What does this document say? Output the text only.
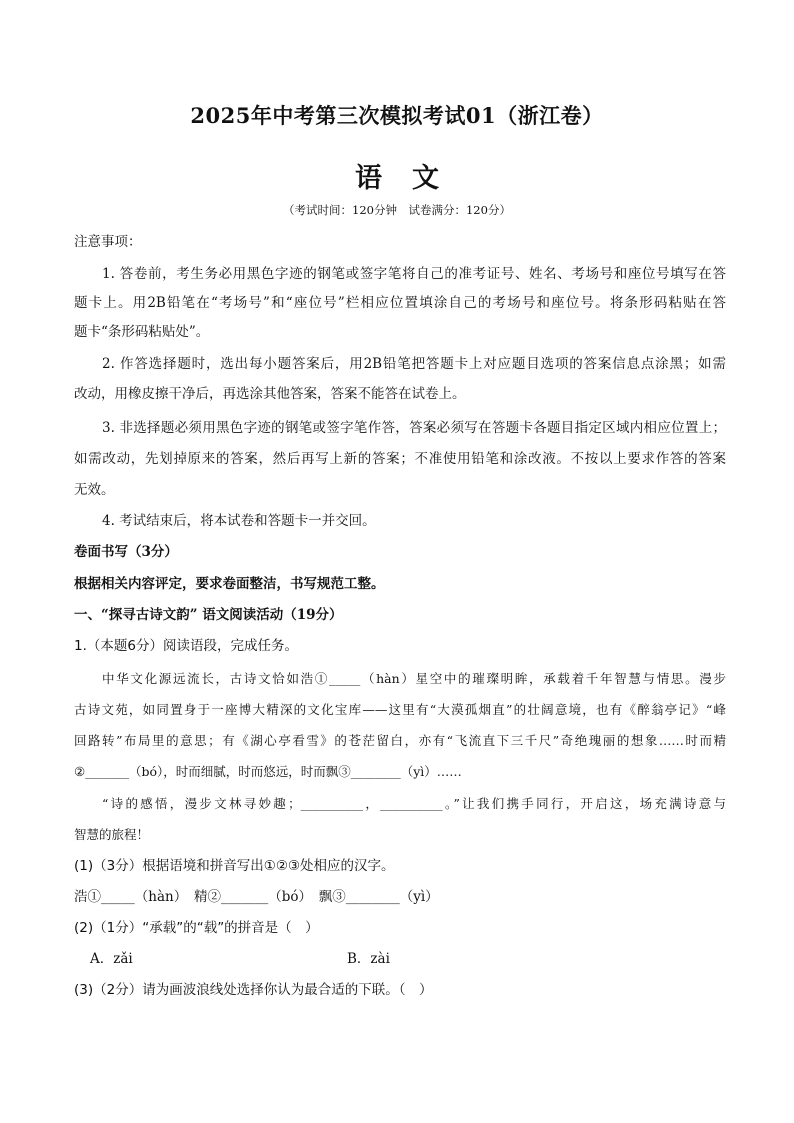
2025年中考第三次模拟考试01（浙江卷）
语文
（考试时间：120分钟　试卷满分：120分）
注意事项：
1. 答卷前，考生务必用黑色字迹的钢笔或签字笔将自己的准考证号、姓名、考场号和座位号填写在答
题卡上。用2B铅笔在“考场号”和“座位号”栏相应位置填涂自己的考场号和座位号。将条形码粘贴在答
题卡“条形码粘贴处”。
2. 作答选择题时，选出每小题答案后，用2B铅笔把答题卡上对应题目选项的答案信息点涂黑；如需
改动，用橡皮擦干净后，再选涂其他答案，答案不能答在试卷上。
3. 非选择题必须用黑色字迹的钢笔或签字笔作答，答案必须写在答题卡各题目指定区域内相应位置上；
如需改动，先划掉原来的答案，然后再写上新的答案；不准使用铅笔和涂改液。不按以上要求作答的答案
无效。
4. 考试结束后，将本试卷和答题卡一并交回。
卷面书写（3分）
根据相关内容评定，要求卷面整洁，书写规范工整。
一、“探寻古诗文韵” 语文阅读活动（19分）
1.（本题6分）阅读语段，完成任务。
中华文化源远流长，古诗文恰如浩①_____（hàn）星空中的璀璨明眸，承载着千年智慧与情思。漫步
古诗文苑，如同置身于一座博大精深的文化宝库——这里有“大漠孤烟直”的壮阔意境，也有《醉翁亭记》“峰
回路转”布局里的意思；有《湖心亭看雪》的苍茫留白，亦有“飞流直下三千尺”奇绝瑰丽的想象……时而精
②_______（bó），时而细腻，时而悠远，时而飘③________（yì）……
“诗的感悟，漫步文林寻妙趣；__________，__________。”让我们携手同行，开启这，场充满诗意与
智慧的旅程！
(1)（3分）根据语境和拼音写出①②③处相应的汉字。
浩①_____（hàn）　精②_______（bó）　飘③________（yì）
(2)（1分）“承载”的“载”的拼音是（　）
A．zǎi	B．zài
(3)（2分）请为画波浪线处选择你认为最合适的下联。（　）
